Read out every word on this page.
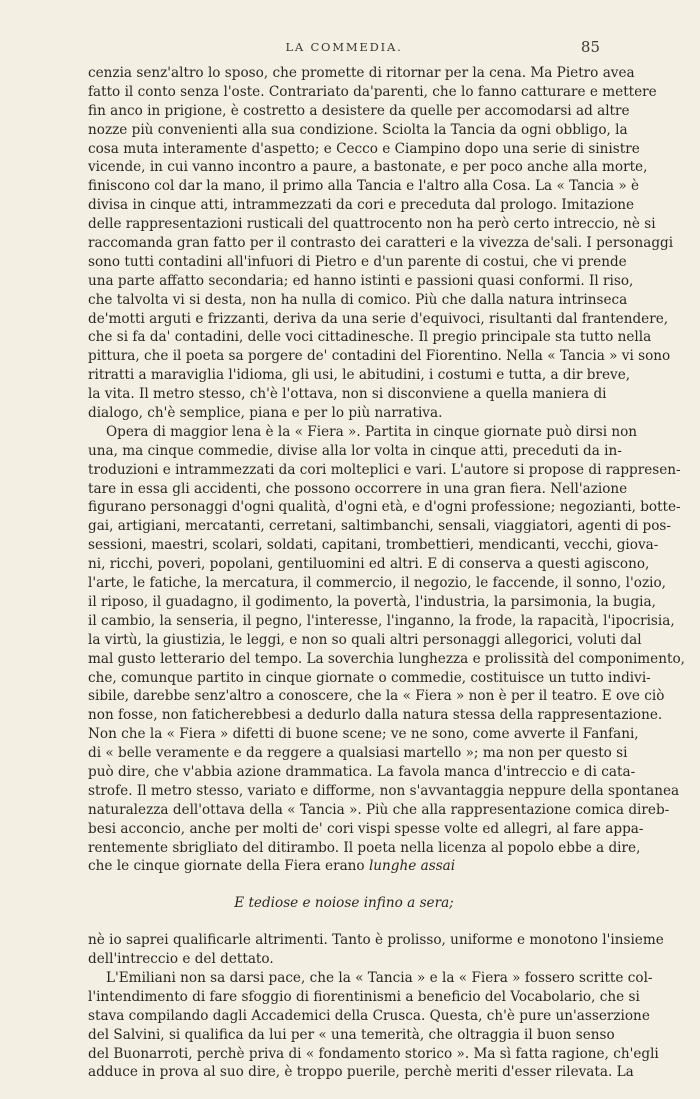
LA COMMEDIA.	85
cenzia senz'altro lo sposo, che promette di ritornar per la cena. Ma Pietro avea
fatto il conto senza l'oste. Contrariato da'parenti, che lo fanno catturare e mettere
fin anco in prigione, è costretto a desistere da quelle per accomodarsi ad altre
nozze più convenienti alla sua condizione. Sciolta la Tancia da ogni obbligo, la
cosa muta interamente d'aspetto; e Cecco e Ciampino dopo una serie di sinistre
vicende, in cui vanno incontro a paure, a bastonate, e per poco anche alla morte,
finiscono col dar la mano, il primo alla Tancia e l'altro alla Cosa. La « Tancia » è
divisa in cinque atti, intrammezzati da cori e preceduta dal prologo. Imitazione
delle rappresentazioni rusticali del quattrocento non ha però certo intreccio, nè si
raccomanda gran fatto per il contrasto dei caratteri e la vivezza de'sali. I personaggi
sono tutti contadini all'infuori di Pietro e d'un parente di costui, che vi prende
una parte affatto secondaria; ed hanno istinti e passioni quasi conformi. Il riso,
che talvolta vi si desta, non ha nulla di comico. Più che dalla natura intrinseca
de'motti arguti e frizzanti, deriva da una serie d'equivoci, risultanti dal frantendere,
che si fa da' contadini, delle voci cittadinesche. Il pregio principale sta tutto nella
pittura, che il poeta sa porgere de' contadini del Fiorentino. Nella « Tancia » vi sono
ritratti a maraviglia l'idioma, gli usi, le abitudini, i costumi e tutta, a dir breve,
la vita. Il metro stesso, ch'è l'ottava, non si disconviene a quella maniera di
dialogo, ch'è semplice, piana e per lo più narrativa.
Opera di maggior lena è la « Fiera ». Partita in cinque giornate può dirsi non
una, ma cinque commedie, divise alla lor volta in cinque atti, preceduti da in-
troduzioni e intrammezzati da cori molteplici e vari. L'autore si propose di rappresen-
tare in essa gli accidenti, che possono occorrere in una gran fiera. Nell'azione
figurano personaggi d'ogni qualità, d'ogni età, e d'ogni professione; negozianti, botte-
gai, artigiani, mercatanti, cerretani, saltimbanchi, sensali, viaggiatori, agenti di pos-
sessioni, maestri, scolari, soldati, capitani, trombettieri, mendicanti, vecchi, giova-
ni, ricchi, poveri, popolani, gentiluomini ed altri. E di conserva a questi agiscono,
l'arte, le fatiche, la mercatura, il commercio, il negozio, le faccende, il sonno, l'ozio,
il riposo, il guadagno, il godimento, la povertà, l'industria, la parsimonia, la bugia,
il cambio, la senseria, il pegno, l'interesse, l'inganno, la frode, la rapacità, l'ipocrisia,
la virtù, la giustizia, le leggi, e non so quali altri personaggi allegorici, voluti dal
mal gusto letterario del tempo. La soverchia lunghezza e prolissità del componimento,
che, comunque partito in cinque giornate o commedie, costituisce un tutto indivi-
sibile, darebbe senz'altro a conoscere, che la « Fiera » non è per il teatro. E ove ciò
non fosse, non faticherebbesi a dedurlo dalla natura stessa della rappresentazione.
Non che la « Fiera » difetti di buone scene; ve ne sono, come avverte il Fanfani,
di « belle veramente e da reggere a qualsiasi martello »; ma non per questo si
può dire, che v'abbia azione drammatica. La favola manca d'intreccio e di cata-
strofe. Il metro stesso, variato e difforme, non s'avvantaggia neppure della spontanea
naturalezza dell'ottava della « Tancia ». Più che alla rappresentazione comica direb-
besi acconcio, anche per molti de' cori vispi spesse volte ed allegri, al fare appa-
rentemente sbrigliato del ditirambo. Il poeta nella licenza al popolo ebbe a dire,
che le cinque giornate della Fiera erano lunghe assai
E tediose e noiose infino a sera;
nè io saprei qualificarle altrimenti. Tanto è prolisso, uniforme e monotono l'insieme
dell'intreccio e del dettato.
L'Emiliani non sa darsi pace, che la « Tancia » e la « Fiera » fossero scritte col-
l'intendimento di fare sfoggio di fiorentinismi a beneficio del Vocabolario, che si
stava compilando dagli Accademici della Crusca. Questa, ch'è pure un'asserzione
del Salvini, si qualifica da lui per « una temerità, che oltraggia il buon senso
del Buonarroti, perchè priva di « fondamento storico ». Ma sì fatta ragione, ch'egli
adduce in prova al suo dire, è troppo puerile, perchè meriti d'esser rilevata. La
